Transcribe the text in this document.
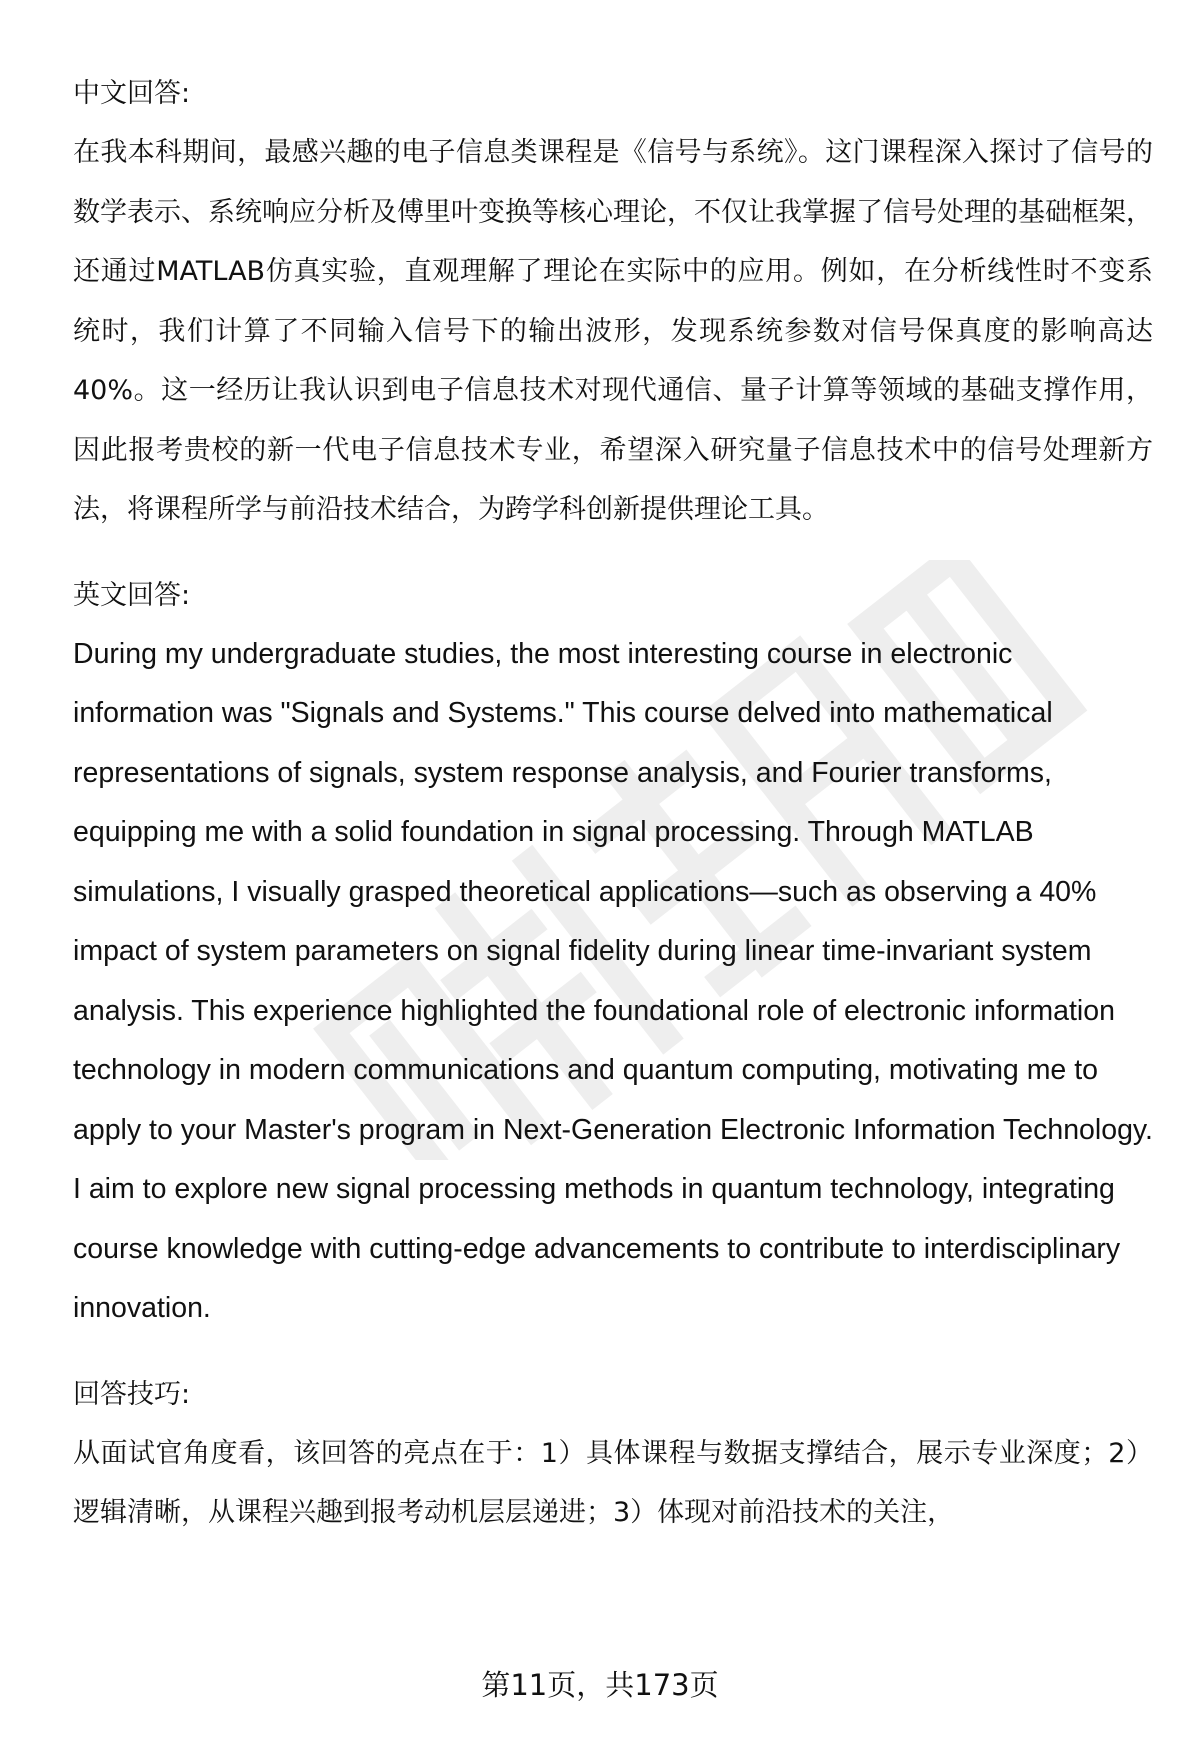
中文回答:

在我本科期间，最感兴趣的电子信息类课程是《信号与系统》。这门课程深入探讨了信号的数学表示、系统响应分析及傅里叶变换等核心理论，不仅让我掌握了信号处理的基础框架，还通过MATLAB仿真实验，直观理解了理论在实际中的应用。例如，在分析线性时不变系统时，我们计算了不同输入信号下的输出波形，发现系统参数对信号保真度的影响高达40%。这一经历让我认识到电子信息技术对现代通信、量子计算等领域的基础支撑作用，因此报考贵校的新一代电子信息技术专业，希望深入研究量子信息技术中的信号处理新方法，将课程所学与前沿技术结合，为跨学科创新提供理论工具。

英文回答:

During my undergraduate studies, the most interesting course in electronic information was "Signals and Systems." This course delved into mathematical representations of signals, system response analysis, and Fourier transforms, equipping me with a solid foundation in signal processing. Through MATLAB simulations, I visually grasped theoretical applications—such as observing a 40% impact of system parameters on signal fidelity during linear time-invariant system analysis. This experience highlighted the foundational role of electronic information technology in modern communications and quantum computing, motivating me to apply to your Master's program in Next-Generation Electronic Information Technology. I aim to explore new signal processing methods in quantum technology, integrating course knowledge with cutting-edge advancements to contribute to interdisciplinary innovation.

回答技巧:

从面试官角度看，该回答的亮点在于：1）具体课程与数据支撑结合，展示专业深度；2）逻辑清晰，从课程兴趣到报考动机层层递进；3）体现对前沿技术的关注，

第11页，共173页
